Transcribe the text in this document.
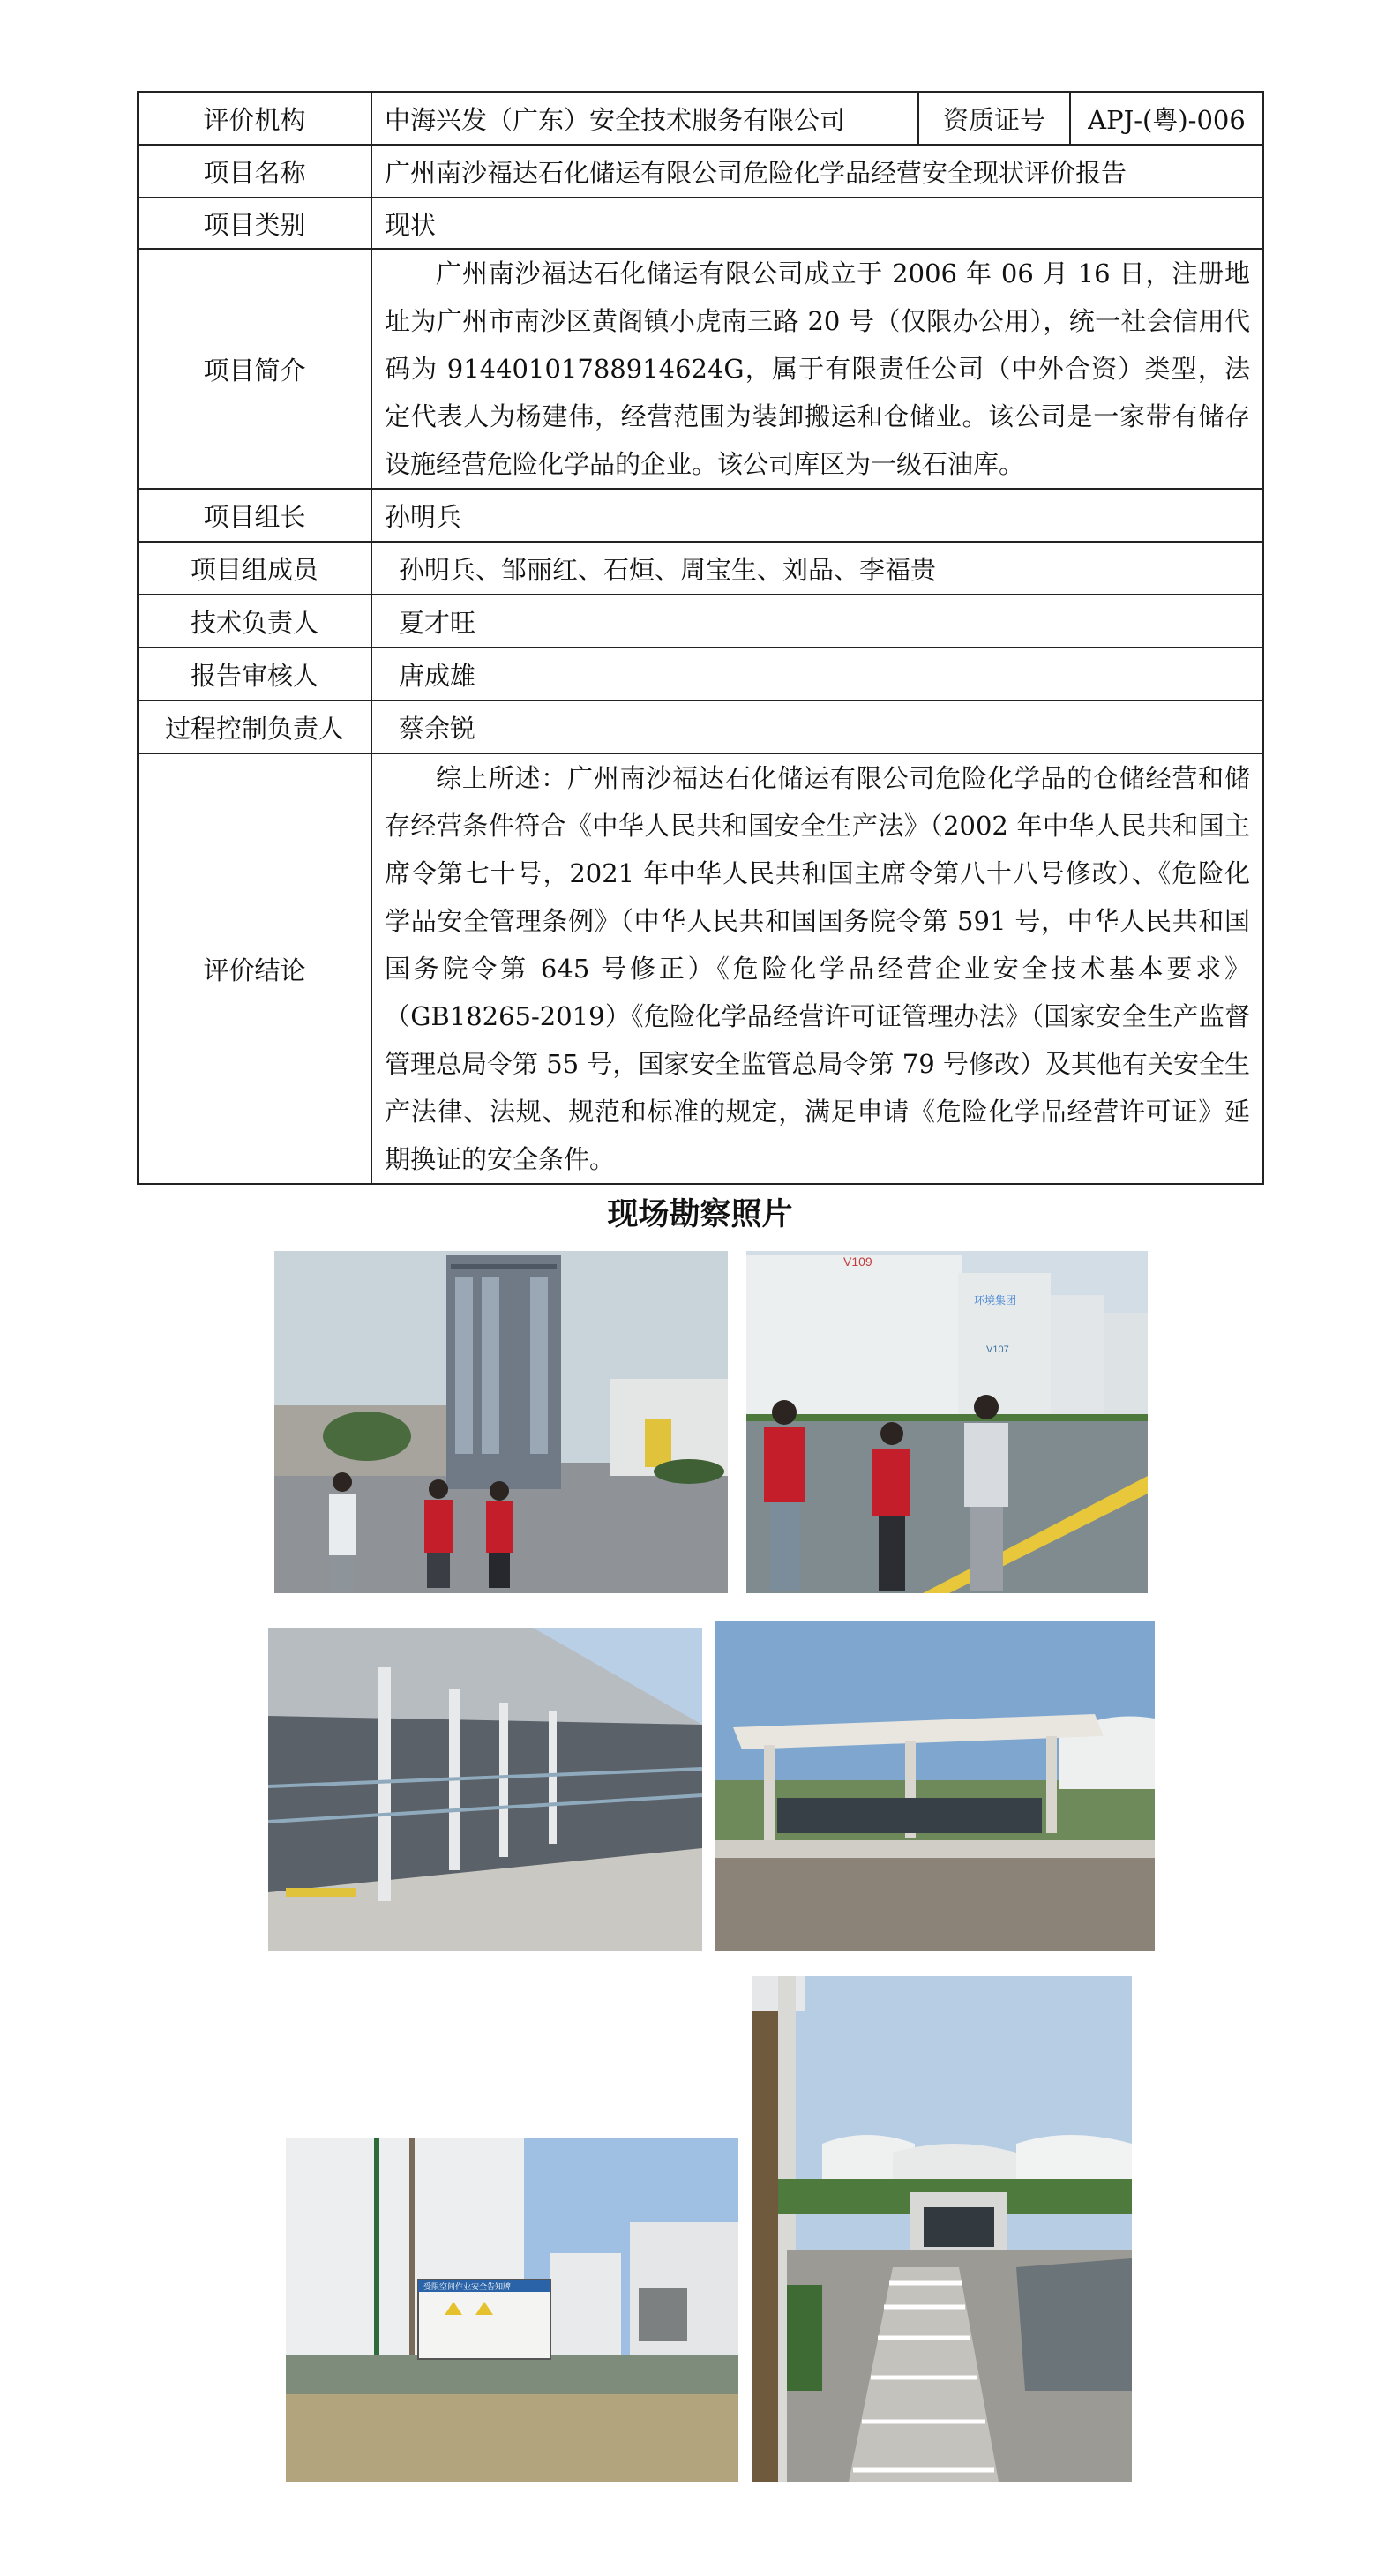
评价机构	中海兴发（广东）安全技术服务有限公司	资质证号	APJ-(粤)-006
项目名称	广州南沙福达石化储运有限公司危险化学品经营安全现状评价报告		
项目类别	现状		
项目简介	广州南沙福达石化储运有限公司成立于 2006 年 06 月 16 日，注册地址为广州市南沙区黄阁镇小虎南三路 20 号（仅限办公用），统一社会信用代码为 91440101788914624G，属于有限责任公司（中外合资）类型，法定代表人为杨建伟，经营范围为装卸搬运和仓储业。该公司是一家带有储存设施经营危险化学品的企业。该公司库区为一级石油库。		

项目组长	孙明兵		
项目组成员	孙明兵、邹丽红、石烜、周宝生、刘品、李福贵		
技术负责人	夏才旺		
报告审核人	唐成雄		
过程控制负责人	蔡余锐		
评价结论	综上所述：广州南沙福达石化储运有限公司危险化学品的仓储经营和储存经营条件符合《中华人民共和国安全生产法》（2002 年中华人民共和国主席令第七十号，2021 年中华人民共和国主席令第八十八号修改）、《危险化学品安全管理条例》（中华人民共和国国务院令第 591 号，中华人民共和国国务院令第 645 号修正）《危险化学品经营企业安全技术基本要求》（GB18265-2019）《危险化学品经营许可证管理办法》（国家安全生产监督管理总局令第 55 号，国家安全监管总局令第 79 号修改）及其他有关安全生产法律、法规、规范和标准的规定，满足申请《危险化学品经营许可证》延期换证的安全条件。		
现场勘察照片
V109
环境集团
V107
受限空间作业安全告知牌
